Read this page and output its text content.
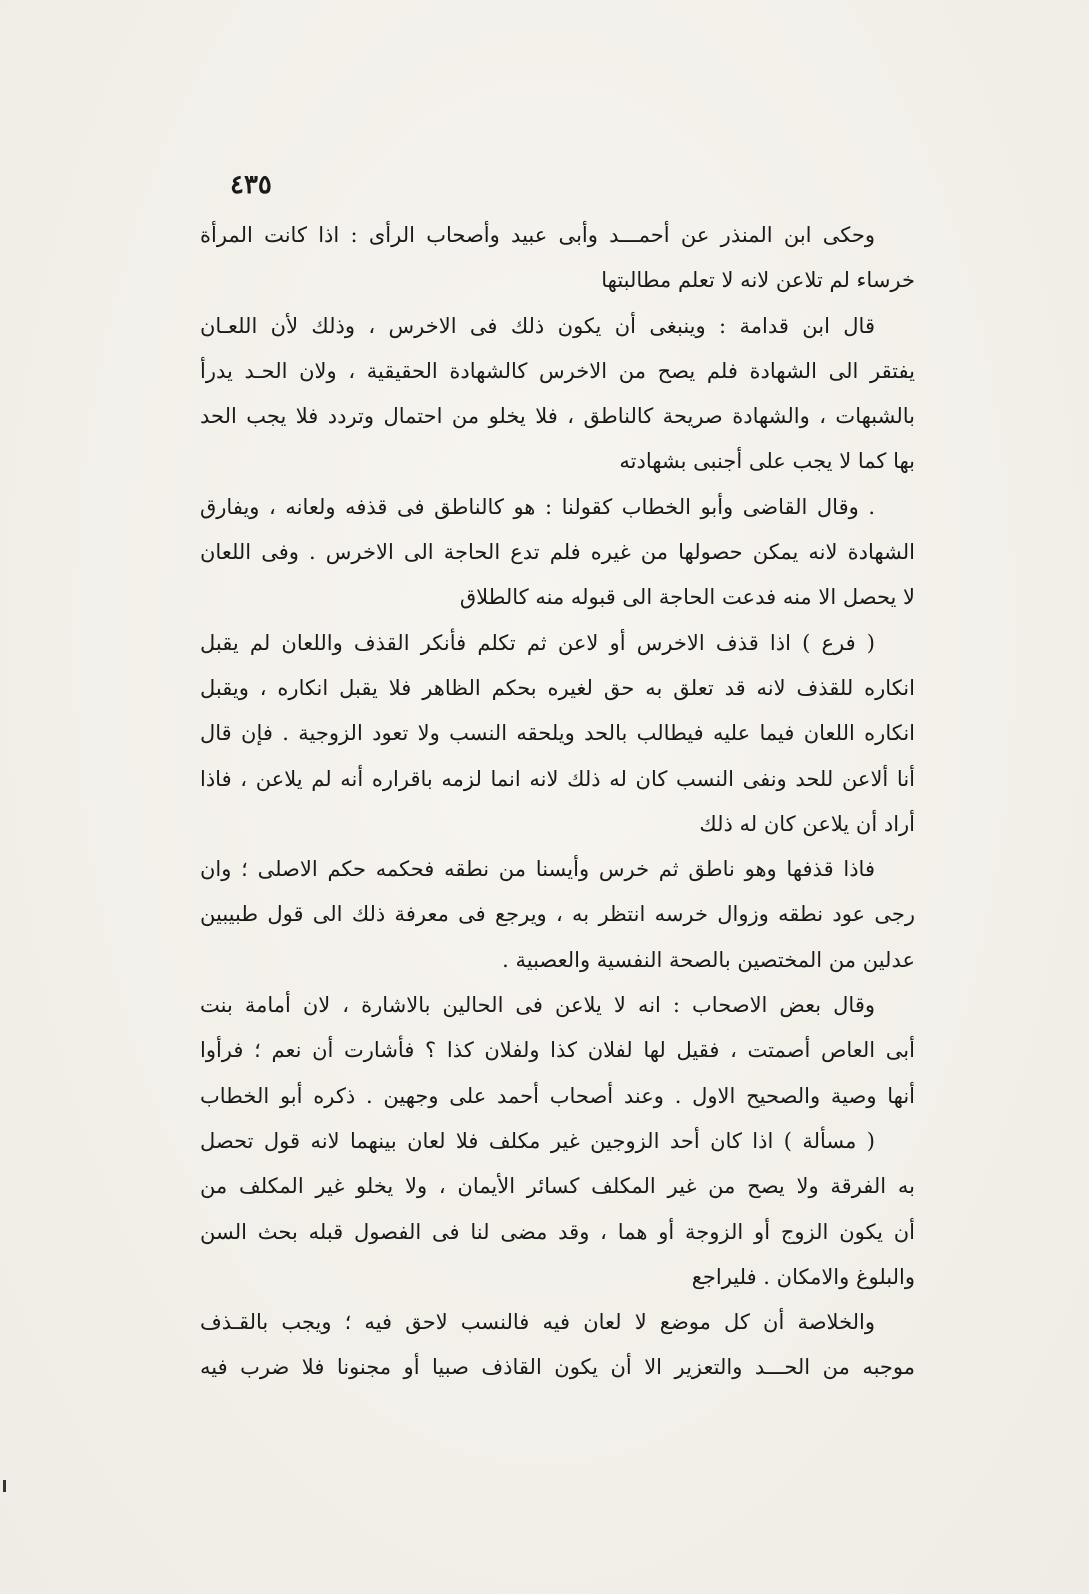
٤٣٥
وحكى ابن المنذر عن أحمـــد وأبى عبيد وأصحاب الرأى : اذا كانت المرأة
خرساء لم تلاعن لانه لا تعلم مطالبتها
قال ابن قدامة : وينبغى أن يكون ذلك فى الاخرس ، وذلك لأن اللعـان
يفتقر الى الشهادة فلم يصح من الاخرس كالشهادة الحقيقية ، ولان الحـد يدرأ
بالشبهات ، والشهادة صريحة كالناطق ، فلا يخلو من احتمال وتردد فلا يجب الحد
بها كما لا يجب على أجنبى بشهادته
. وقال القاضى وأبو الخطاب كقولنا : هو كالناطق فى قذفه ولعانه ، ويفارق
الشهادة لانه يمكن حصولها من غيره فلم تدع الحاجة الى الاخرس . وفى اللعان
لا يحصل الا منه فدعت الحاجة الى قبوله منه كالطلاق
( فرع ) اذا قذف الاخرس أو لاعن ثم تكلم فأنكر القذف واللعان لم يقبل
انكاره للقذف لانه قد تعلق به حق لغيره بحكم الظاهر فلا يقبل انكاره ، ويقبل
انكاره اللعان فيما عليه فيطالب بالحد ويلحقه النسب ولا تعود الزوجية . فإن قال
أنا ألاعن للحد ونفى النسب كان له ذلك لانه انما لزمه باقراره أنه لم يلاعن ، فاذا
أراد أن يلاعن كان له ذلك
فاذا قذفها وهو ناطق ثم خرس وأيسنا من نطقه فحكمه حكم الاصلى ؛ وان
رجى عود نطقه وزوال خرسه انتظر به ، ويرجع فى معرفة ذلك الى قول طبيبين
عدلين من المختصين بالصحة النفسية والعصبية .
وقال بعض الاصحاب : انه لا يلاعن فى الحالين بالاشارة ، لان أمامة بنت
أبى العاص أصمتت ، فقيل لها لفلان كذا ولفلان كذا ؟ فأشارت أن نعم ؛ فرأوا
أنها وصية والصحيح الاول . وعند أصحاب أحمد على وجهين . ذكره أبو الخطاب
( مسألة ) اذا كان أحد الزوجين غير مكلف فلا لعان بينهما لانه قول تحصل
به الفرقة ولا يصح من غير المكلف كسائر الأيمان ، ولا يخلو غير المكلف من
أن يكون الزوج أو الزوجة أو هما ، وقد مضى لنا فى الفصول قبله بحث السن
والبلوغ والامكان . فليراجع
والخلاصة أن كل موضع لا لعان فيه فالنسب لاحق فيه ؛ ويجب بالقـذف
موجبه من الحـــد والتعزير الا أن يكون القاذف صبيا أو مجنونا فلا ضرب فيه
